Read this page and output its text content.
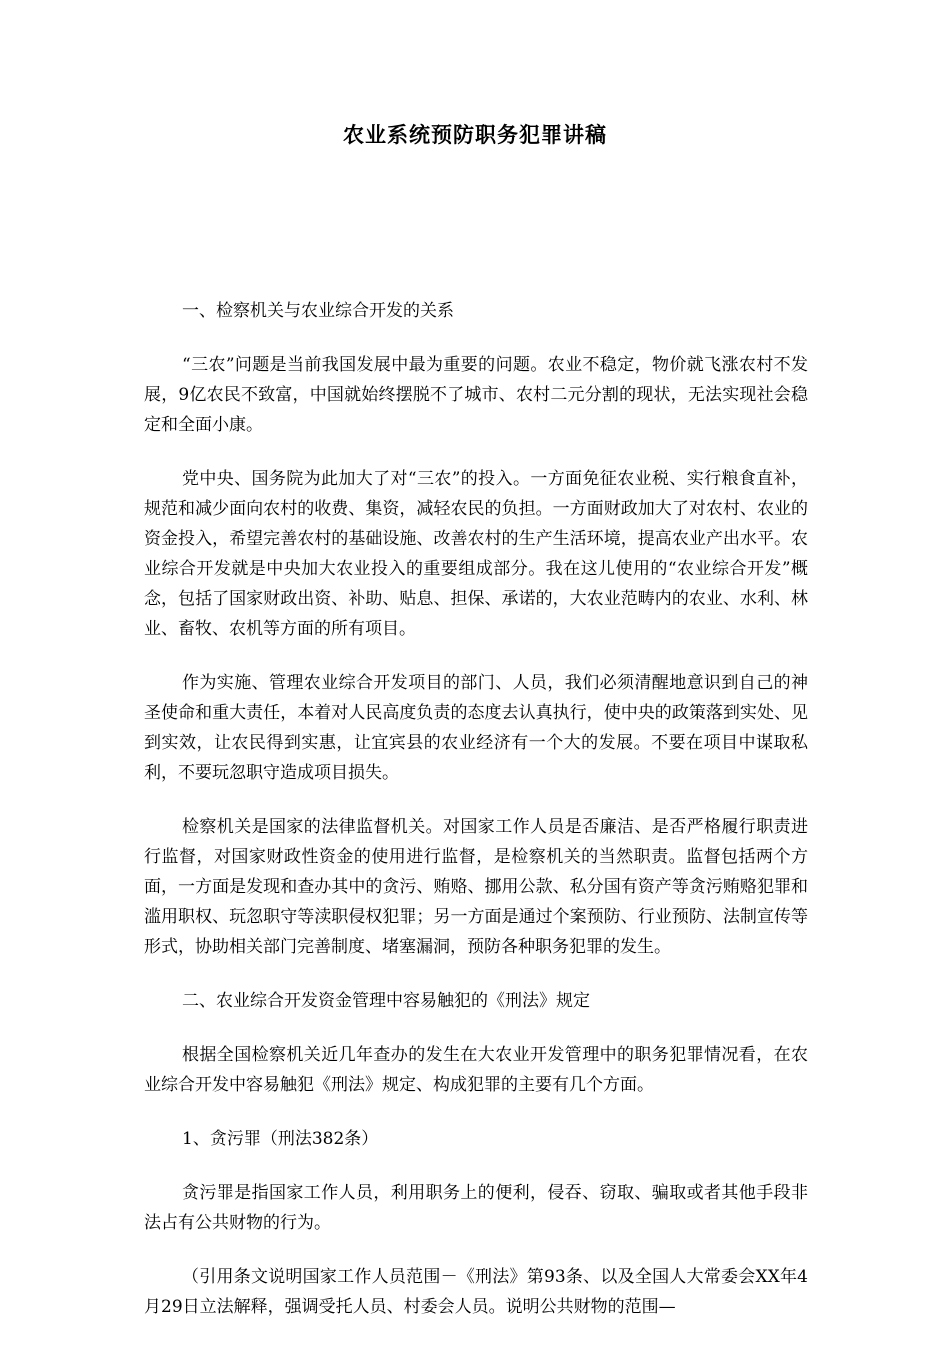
农业系统预防职务犯罪讲稿

一、检察机关与农业综合开发的关系

“三农”问题是当前我国发展中最为重要的问题。农业不稳定，物价就飞涨农村不发展，9亿农民不致富，中国就始终摆脱不了城市、农村二元分割的现状，无法实现社会稳定和全面小康。

党中央、国务院为此加大了对“三农”的投入。一方面免征农业税、实行粮食直补，规范和减少面向农村的收费、集资，减轻农民的负担。一方面财政加大了对农村、农业的资金投入，希望完善农村的基础设施、改善农村的生产生活环境，提高农业产出水平。农业综合开发就是中央加大农业投入的重要组成部分。我在这儿使用的“农业综合开发”概念，包括了国家财政出资、补助、贴息、担保、承诺的，大农业范畴内的农业、水利、林业、畜牧、农机等方面的所有项目。

作为实施、管理农业综合开发项目的部门、人员，我们必须清醒地意识到自己的神圣使命和重大责任，本着对人民高度负责的态度去认真执行，使中央的政策落到实处、见到实效，让农民得到实惠，让宜宾县的农业经济有一个大的发展。不要在项目中谋取私利，不要玩忽职守造成项目损失。

检察机关是国家的法律监督机关。对国家工作人员是否廉洁、是否严格履行职责进行监督，对国家财政性资金的使用进行监督，是检察机关的当然职责。监督包括两个方面，一方面是发现和查办其中的贪污、贿赂、挪用公款、私分国有资产等贪污贿赂犯罪和滥用职权、玩忽职守等渎职侵权犯罪；另一方面是通过个案预防、行业预防、法制宣传等形式，协助相关部门完善制度、堵塞漏洞，预防各种职务犯罪的发生。

二、农业综合开发资金管理中容易触犯的《刑法》规定

根据全国检察机关近几年查办的发生在大农业开发管理中的职务犯罪情况看，在农业综合开发中容易触犯《刑法》规定、构成犯罪的主要有几个方面。

1、贪污罪（刑法382条）

贪污罪是指国家工作人员，利用职务上的便利，侵吞、窃取、骗取或者其他手段非法占有公共财物的行为。

（引用条文说明国家工作人员范围－《刑法》第93条、以及全国人大常委会XX年4月29日立法解释，强调受托人员、村委会人员。说明公共财物的范围—
